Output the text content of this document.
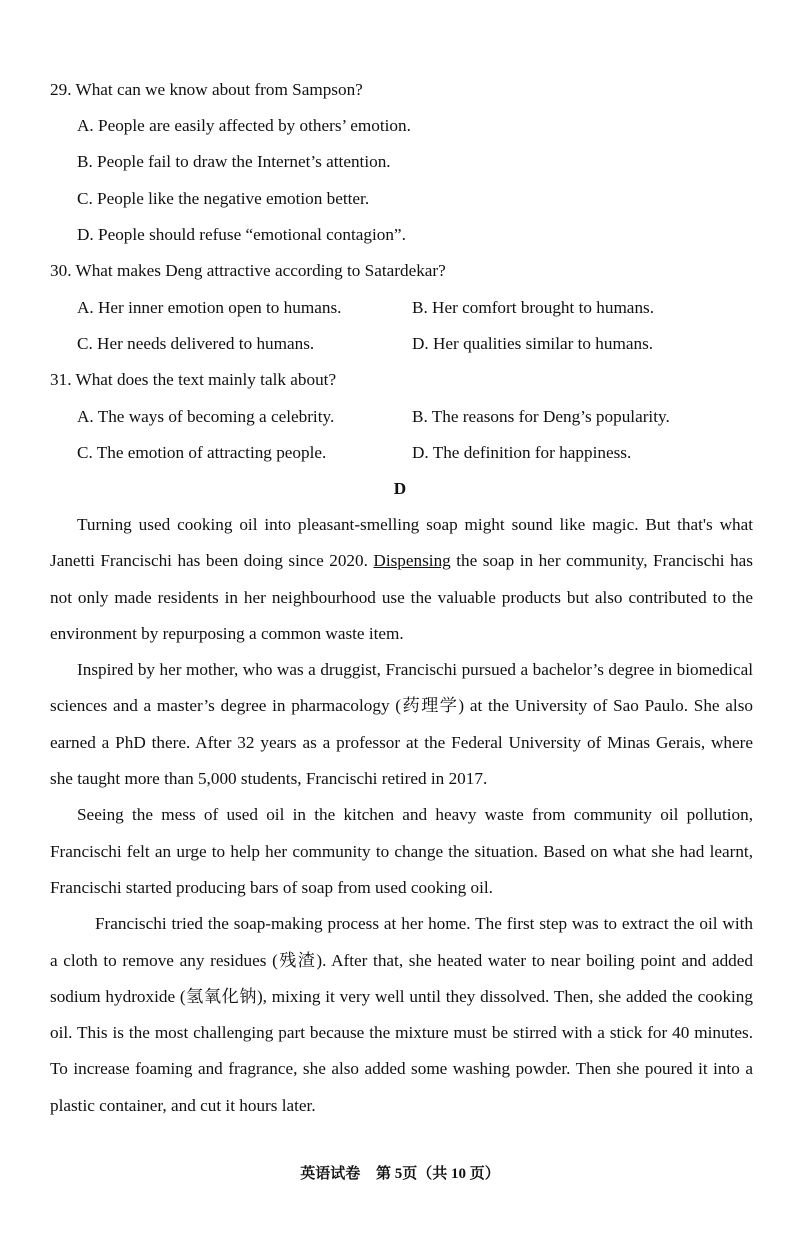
29. What can we know about from Sampson?
A. People are easily affected by others’ emotion.
B. People fail to draw the Internet’s attention.
C. People like the negative emotion better.
D. People should refuse “emotional contagion”.
30. What makes Deng attractive according to Satardekar?
A. Her inner emotion open to humans.	B. Her comfort brought to humans.
C. Her needs delivered to humans.	D. Her qualities similar to humans.
31. What does the text mainly talk about?
A. The ways of becoming a celebrity.	B. The reasons for Deng’s popularity.
C. The emotion of attracting people.	D. The definition for happiness.
D

Turning used cooking oil into pleasant-smelling soap might sound like magic. But that's what Janetti Francischi has been doing since 2020. Dispensing the soap in her community, Francischi has not only made residents in her neighbourhood use the valuable products but also contributed to the environment by repurposing a common waste item.

Inspired by her mother, who was a druggist, Francischi pursued a bachelor’s degree in biomedical sciences and a master’s degree in pharmacology (药理学) at the University of Sao Paulo. She also earned a PhD there. After 32 years as a professor at the Federal University of Minas Gerais, where she taught more than 5,000 students, Francischi retired in 2017.

Seeing the mess of used oil in the kitchen and heavy waste from community oil pollution, Francischi felt an urge to help her community to change the situation. Based on what she had learnt, Francischi started producing bars of soap from used cooking oil.

Francischi tried the soap-making process at her home. The first step was to extract the oil with a cloth to remove any residues (残渣). After that, she heated water to near boiling point and added sodium hydroxide (氢氧化钠), mixing it very well until they dissolved. Then, she added the cooking oil. This is the most challenging part because the mixture must be stirred with a stick for 40 minutes. To increase foaming and fragrance, she also added some washing powder. Then she poured it into a plastic container, and cut it hours later.

英语试卷 第 5页（共 10 页）
